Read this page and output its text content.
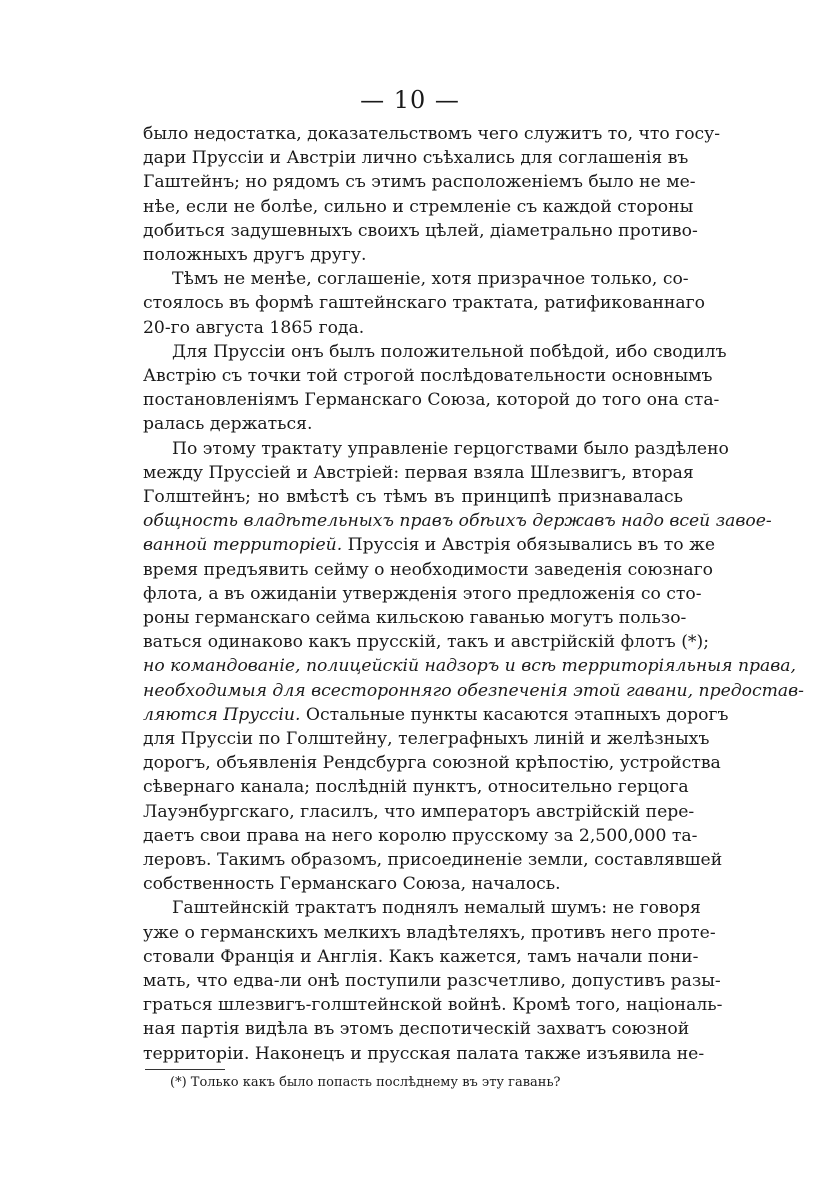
— 10 —
было недостатка, доказательствомъ чего служитъ то, что госу-
дари Пруссіи и Австріи лично съѣхались для соглашенія въ
Гаштейнъ; но рядомъ съ этимъ расположеніемъ было не ме-
нѣе, если не болѣе, сильно и стремленіе съ каждой стороны
добиться задушевныхъ своихъ цѣлей, діаметрально противо-
положныхъ другъ другу.
Тѣмъ не менѣе, соглашеніе, хотя призрачное только, со-
стоялось въ формѣ гаштейнскаго трактата, ратификованнаго
20-го августа 1865 года.
Для Пруссіи онъ былъ положительной побѣдой, ибо сводилъ
Австрію съ точки той строгой послѣдовательности основнымъ
постановленіямъ Германскаго Союза, которой до того она ста-
ралась держаться.
По этому трактату управленіе герцогствами было раздѣлено
между Пруссіей и Австріей: первая взяла Шлезвигъ, вторая
Голштейнъ; но вмѣстѣ съ тѣмъ въ принципѣ признавалась
общность владѣтельныхъ правъ обѣихъ державъ надо всей завое-
ванной территоріей. Пруссія и Австрія обязывались въ то же
время предъявить сейму о необходимости заведенія союзнаго
флота, а въ ожиданіи утвержденія этого предложенія со сто-
роны германскаго сейма кильскою гаванью могутъ пользо-
ваться одинаково какъ прусскій, такъ и австрійскій флотъ (*);
но командованіе, полицейскій надзоръ и всѣ территоріяльныя права,
необходимыя для всесторонняго обезпеченія этой гавани, предостав-
ляются Пруссіи. Остальные пункты касаются этапныхъ дорогъ
для Пруссіи по Голштейну, телеграфныхъ линій и желѣзныхъ
дорогъ, объявленія Рендсбурга союзной крѣпостію, устройства
сѣвернаго канала; послѣдній пунктъ, относительно герцога
Лауэнбургскаго, гласилъ, что императоръ австрійскій пере-
даетъ свои права на него королю прусскому за 2,500,000 та-
леровъ. Такимъ образомъ, присоединеніе земли, составлявшей
собственность Германскаго Союза, началось.
Гаштейнскій трактатъ поднялъ немалый шумъ: не говоря
уже о германскихъ мелкихъ владѣтеляхъ, противъ него проте-
стовали Франція и Англія. Какъ кажется, тамъ начали пони-
мать, что едва-ли онѣ поступили разсчетливо, допустивъ разы-
граться шлезвигъ-голштейнской войнѣ. Кромѣ того, національ-
ная партія видѣла въ этомъ деспотическій захватъ союзной
территоріи. Наконецъ и прусская палата также изъявила не-
(*) Только какъ было попасть послѣднему въ эту гавань?
